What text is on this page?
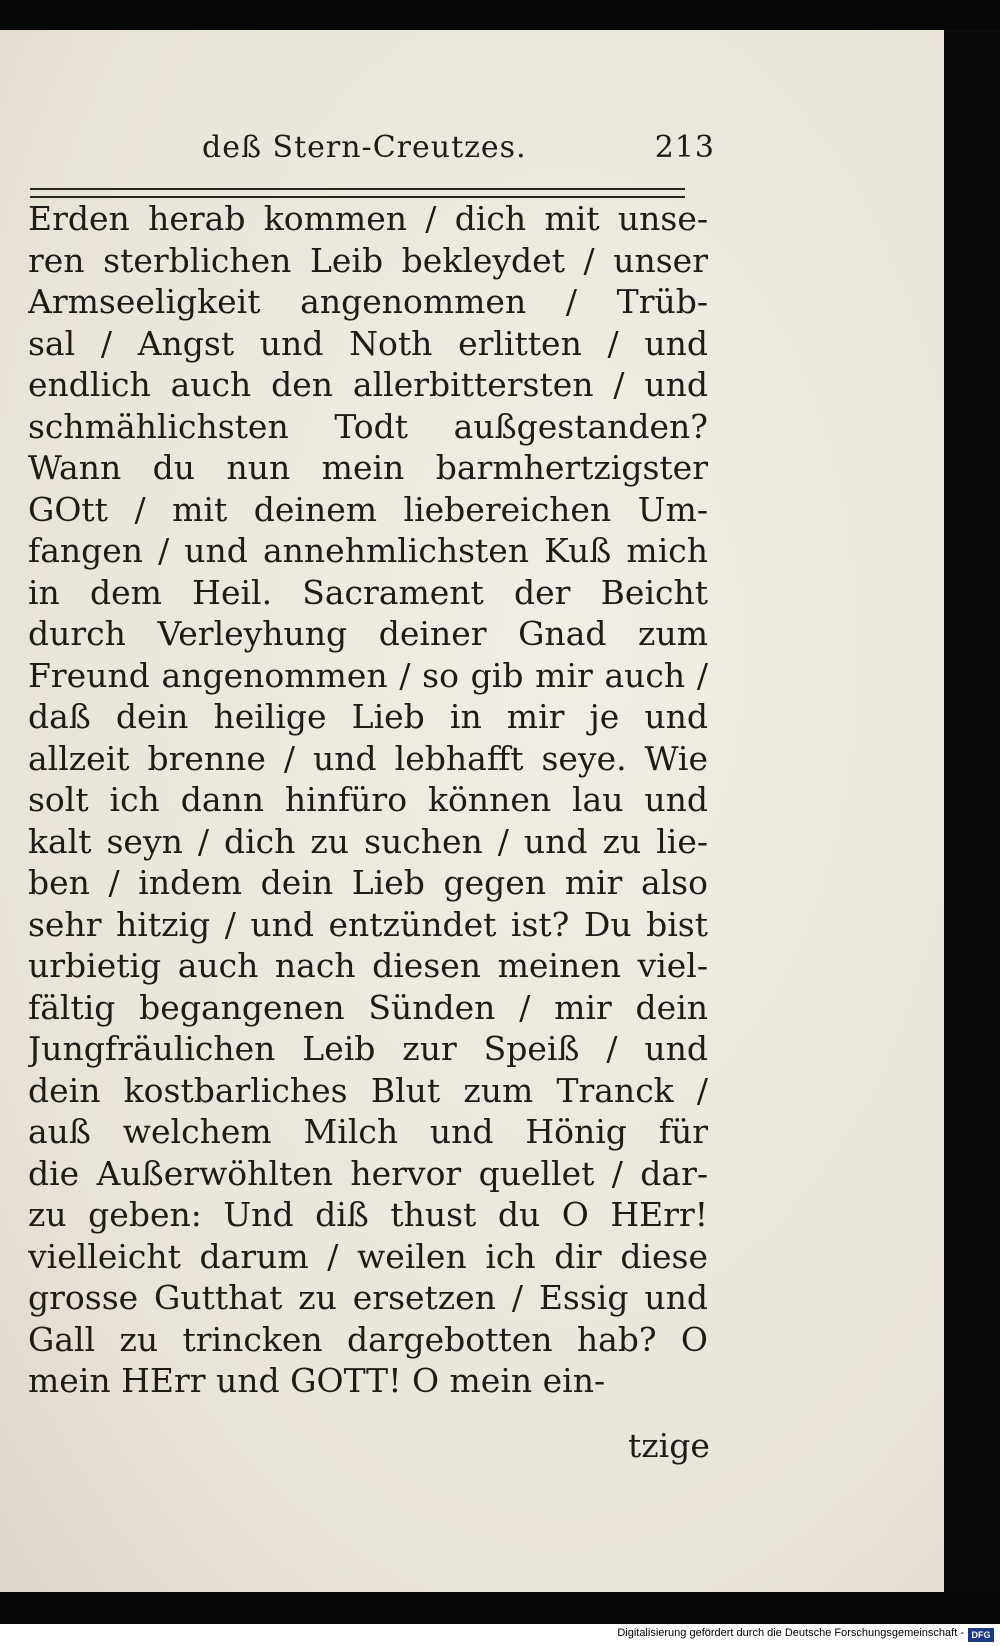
deß Stern-Creutzes.	213
Erden herab kommen / dich mit unse-
ren sterblichen Leib bekleydet / unser
Armseeligkeit angenommen / Trüb-
sal / Angst und Noth erlitten / und
endlich auch den allerbittersten / und
schmählichsten Todt außgestanden?
Wann du nun mein barmhertzigster
GOtt / mit deinem liebereichen Um-
fangen / und annehmlichsten Kuß mich
in dem Heil. Sacrament der Beicht
durch Verleyhung deiner Gnad zum
Freund angenommen / so gib mir auch /
daß dein heilige Lieb in mir je und
allzeit brenne / und lebhafft seye. Wie
solt ich dann hinfüro können lau und
kalt seyn / dich zu suchen / und zu lie-
ben / indem dein Lieb gegen mir also
sehr hitzig / und entzündet ist? Du bist
urbietig auch nach diesen meinen viel-
fältig begangenen Sünden / mir dein
Jungfräulichen Leib zur Speiß / und
dein kostbarliches Blut zum Tranck /
auß welchem Milch und Hönig für
die Außerwöhlten hervor quellet / dar-
zu geben: Und diß thust du O HErr!
vielleicht darum / weilen ich dir diese
grosse Gutthat zu ersetzen / Essig und
Gall zu trincken dargebotten hab? O
mein HErr und GOTT! O mein ein-
tzige
Digitalisierung gefördert durch die Deutsche Forschungsgemeinschaft - DFG
